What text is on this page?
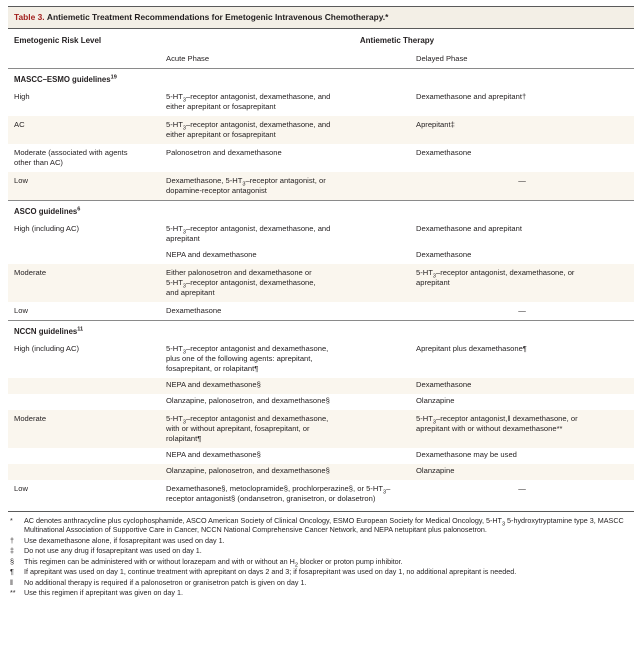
Table 3. Antiemetic Treatment Recommendations for Emetogenic Intravenous Chemotherapy.*		
Emetogenic Risk Level	Antiemetic Therapy	
	Acute Phase	Delayed Phase
MASCC–ESMO guidelines$^{19}$
High	$5-HT_3$–receptor antagonist, dexamethasone, and
either aprepitant or fosaprepitant	Dexamethasone and aprepitant†
AC	$5-HT_3$–receptor antagonist, dexamethasone, and
either aprepitant or fosaprepitant	Aprepitant‡
Moderate (associated with agents
other than AC)	Palonosetron and dexamethasone	Dexamethasone
Low	Dexamethasone, $5-HT_3$–receptor antagonist, or
dopamine-receptor antagonist	—
ASCO guidelines$^6$
High (including AC)	$5-HT_3$–receptor antagonist, dexamethasone, and
aprepitant	Dexamethasone and aprepitant
	NEPA and dexamethasone	Dexamethasone
Moderate	Either palonosetron and dexamethasone or
$5-HT_3$–receptor antagonist, dexamethasone,
and aprepitant	$5-HT_3$–receptor antagonist, dexamethasone, or
aprepitant
Low	Dexamethasone	—
NCCN guidelines$^{11}$
High (including AC)	$5-HT_3$–receptor antagonist and dexamethasone,
plus one of the following agents: aprepitant,
fosaprepitant, or rolapitant¶	Aprepitant plus dexamethasone¶
	NEPA and dexamethasone§	Dexamethasone
	Olanzapine, palonosetron, and dexamethasone§	Olanzapine
Moderate	$5-HT_3$–receptor antagonist and dexamethasone,
with or without aprepitant, fosaprepitant, or
rolapitant¶	$5-HT_3$–receptor antagonist,‖ dexamethasone, or
aprepitant with or without dexamethasone**
	NEPA and dexamethasone§	Dexamethasone may be used
	Olanzapine, palonosetron, and dexamethasone§	Olanzapine
Low	Dexamethasone§, metoclopramide§, prochlorperazine§, or $5-HT_3$–receptor antagonist§ (ondansetron, granisetron, or dolasetron)	—
*	AC denotes anthracycline plus cyclophosphamide, ASCO American Society of Clinical Oncology, ESMO European Society for Medical Oncology, $5-HT_3$ 5-hydroxytryptamine type 3, MASCC Multinational Association of Supportive Care in Cancer, NCCN National Comprehensive Cancer Network, and NEPA netupitant plus palonosetron.
†	Use dexamethasone alone, if fosaprepitant was used on day 1.
‡	Do not use any drug if fosaprepitant was used on day 1.
§	This regimen can be administered with or without lorazepam and with or without an $H_2$ blocker or proton pump inhibitor.
¶	If aprepitant was used on day 1, continue treatment with aprepitant on days 2 and 3; if fosaprepitant was used on day 1, no additional aprepitant is needed.
‖	No additional therapy is required if a palonosetron or granisetron patch is given on day 1.
**	Use this regimen if aprepitant was given on day 1.
